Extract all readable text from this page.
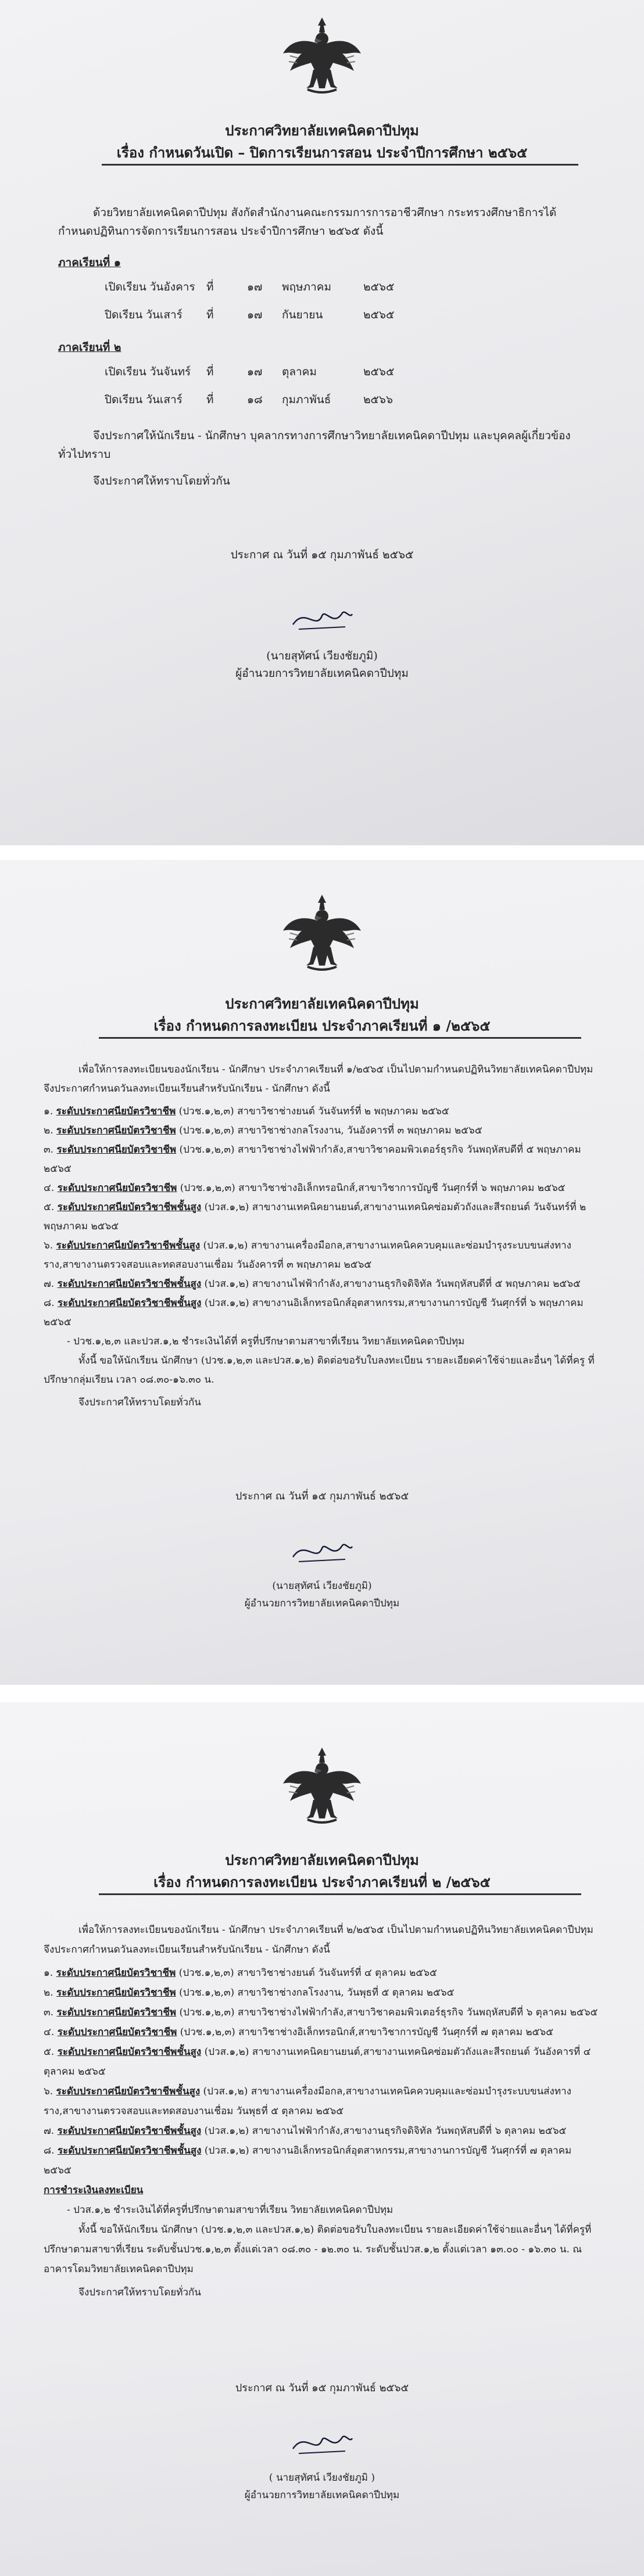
ประกาศวิทยาลัยเทคนิคดาปีปทุม
เรื่อง กำหนดวันเปิด – ปิดการเรียนการสอน ประจำปีการศึกษา ๒๕๖๕

ด้วยวิทยาลัยเทคนิคดาปีปทุม สังกัดสำนักงานคณะกรรมการการอาชีวศึกษา กระทรวงศึกษาธิการได้กำหนดปฏิทินการจัดการเรียนการสอน ประจำปีการศึกษา ๒๕๖๕ ดังนี้

ภาคเรียนที่ ๑
เปิดเรียน วันอังคาร	ที่	๑๗	พฤษภาคม	๒๕๖๕
ปิดเรียน วันเสาร์	ที่	๑๗	กันยายน	๒๕๖๕
ภาคเรียนที่ ๒
เปิดเรียน วันจันทร์	ที่	๑๗	ตุลาคม	๒๕๖๕
ปิดเรียน วันเสาร์	ที่	๑๘	กุมภาพันธ์	๒๕๖๖

จึงประกาศให้นักเรียน - นักศึกษา บุคลากรทางการศึกษาวิทยาลัยเทคนิคดาปีปทุม และบุคคลผู้เกี่ยวข้องทั่วไปทราบ

จึงประกาศให้ทราบโดยทั่วกัน

ประกาศ ณ วันที่ ๑๕ กุมภาพันธ์ ๒๕๖๕
(นายสุทัศน์ เวียงชัยภูมิ)
ผู้อำนวยการวิทยาลัยเทคนิคดาปีปทุม
ประกาศวิทยาลัยเทคนิคดาปีปทุม
เรื่อง กำหนดการลงทะเบียน ประจำภาคเรียนที่ ๑ /๒๕๖๕

เพื่อให้การลงทะเบียนของนักเรียน - นักศึกษา ประจำภาคเรียนที่ ๑/๒๕๖๕ เป็นไปตามกำหนดปฏิทินวิทยาลัยเทคนิคดาปีปทุม จึงประกาศกำหนดวันลงทะเบียนเรียนสำหรับนักเรียน - นักศึกษา ดังนี้

๑. ระดับประกาศนียบัตรวิชาชีพ (ปวช.๑,๒,๓) สาขาวิชาช่างยนต์ วันจันทร์ที่ ๒ พฤษภาคม ๒๕๖๕

๒. ระดับประกาศนียบัตรวิชาชีพ (ปวช.๑,๒,๓) สาขาวิชาช่างกลโรงงาน, วันอังคารที่ ๓ พฤษภาคม ๒๕๖๕

๓. ระดับประกาศนียบัตรวิชาชีพ (ปวช.๑,๒,๓) สาขาวิชาช่างไฟฟ้ากำลัง,สาขาวิชาคอมพิวเตอร์ธุรกิจ วันพฤหัสบดีที่ ๕ พฤษภาคม ๒๕๖๕

๔. ระดับประกาศนียบัตรวิชาชีพ (ปวช.๑,๒,๓) สาขาวิชาช่างอิเล็กทรอนิกส์,สาขาวิชาการบัญชี วันศุกร์ที่ ๖ พฤษภาคม ๒๕๖๕

๕. ระดับประกาศนียบัตรวิชาชีพชั้นสูง (ปวส.๑,๒) สาขางานเทคนิคยานยนต์,สาขางานเทคนิคซ่อมตัวถังและสีรถยนต์ วันจันทร์ที่ ๒ พฤษภาคม ๒๕๖๕

๖. ระดับประกาศนียบัตรวิชาชีพชั้นสูง (ปวส.๑,๒) สาขางานเครื่องมือกล,สาขางานเทคนิคควบคุมและซ่อมบำรุงระบบขนส่งทางราง,สาขางานตรวจสอบและทดสอบงานเชื่อม วันอังคารที่ ๓ พฤษภาคม ๒๕๖๕

๗. ระดับประกาศนียบัตรวิชาชีพชั้นสูง (ปวส.๑,๒) สาขางานไฟฟ้ากำลัง,สาขางานธุรกิจดิจิทัล วันพฤหัสบดีที่ ๕ พฤษภาคม ๒๕๖๕

๘. ระดับประกาศนียบัตรวิชาชีพชั้นสูง (ปวส.๑,๒) สาขางานอิเล็กทรอนิกส์อุตสาหกรรม,สาขางานการบัญชี วันศุกร์ที่ ๖ พฤษภาคม ๒๕๖๕

- ปวช.๑,๒,๓ และปวส.๑,๒ ชำระเงินได้ที่ ครูที่ปรึกษาตามสาขาที่เรียน วิทยาลัยเทคนิคดาปีปทุม

ทั้งนี้ ขอให้นักเรียน นักศึกษา (ปวช.๑,๒,๓ และปวส.๑,๒) ติดต่อขอรับใบลงทะเบียน รายละเอียดค่าใช้จ่ายและอื่นๆ ได้ที่ครู ที่ปรึกษากลุ่มเรียน เวลา ๐๘.๓๐-๑๖.๓๐ น.

จึงประกาศให้ทราบโดยทั่วกัน

ประกาศ ณ วันที่ ๑๕ กุมภาพันธ์ ๒๕๖๕
(นายสุทัศน์ เวียงชัยภูมิ)
ผู้อำนวยการวิทยาลัยเทคนิคดาปีปทุม
ประกาศวิทยาลัยเทคนิคดาปีปทุม
เรื่อง กำหนดการลงทะเบียน ประจำภาคเรียนที่ ๒ /๒๕๖๕

เพื่อให้การลงทะเบียนของนักเรียน - นักศึกษา ประจำภาคเรียนที่ ๒/๒๕๖๕ เป็นไปตามกำหนดปฏิทินวิทยาลัยเทคนิคดาปีปทุม จึงประกาศกำหนดวันลงทะเบียนเรียนสำหรับนักเรียน - นักศึกษา ดังนี้

๑. ระดับประกาศนียบัตรวิชาชีพ (ปวช.๑,๒,๓) สาขาวิชาช่างยนต์ วันจันทร์ที่ ๔ ตุลาคม ๒๕๖๕

๒. ระดับประกาศนียบัตรวิชาชีพ (ปวช.๑,๒,๓) สาขาวิชาช่างกลโรงงาน, วันพุธที่ ๕ ตุลาคม ๒๕๖๕

๓. ระดับประกาศนียบัตรวิชาชีพ (ปวช.๑,๒,๓) สาขาวิชาช่างไฟฟ้ากำลัง,สาขาวิชาคอมพิวเตอร์ธุรกิจ วันพฤหัสบดีที่ ๖ ตุลาคม ๒๕๖๕

๔. ระดับประกาศนียบัตรวิชาชีพ (ปวช.๑,๒,๓) สาขาวิชาช่างอิเล็กทรอนิกส์,สาขาวิชาการบัญชี วันศุกร์ที่ ๗ ตุลาคม ๒๕๖๕

๕. ระดับประกาศนียบัตรวิชาชีพชั้นสูง (ปวส.๑,๒) สาขางานเทคนิคยานยนต์,สาขางานเทคนิคซ่อมตัวถังและสีรถยนต์ วันอังคารที่ ๔ ตุลาคม ๒๕๖๕

๖. ระดับประกาศนียบัตรวิชาชีพชั้นสูง (ปวส.๑,๒) สาขางานเครื่องมือกล,สาขางานเทคนิคควบคุมและซ่อมบำรุงระบบขนส่งทางราง,สาขางานตรวจสอบและทดสอบงานเชื่อม วันพุธที่ ๕ ตุลาคม ๒๕๖๕

๗. ระดับประกาศนียบัตรวิชาชีพชั้นสูง (ปวส.๑,๒) สาขางานไฟฟ้ากำลัง,สาขางานธุรกิจดิจิทัล วันพฤหัสบดีที่ ๖ ตุลาคม ๒๕๖๕

๘. ระดับประกาศนียบัตรวิชาชีพชั้นสูง (ปวส.๑,๒) สาขางานอิเล็กทรอนิกส์อุตสาหกรรม,สาขางานการบัญชี วันศุกร์ที่ ๗ ตุลาคม ๒๕๖๕

การชำระเงินลงทะเบียน

- ปวส.๑,๒ ชำระเงินได้ที่ครูที่ปรึกษาตามสาขาที่เรียน วิทยาลัยเทคนิคดาปีปทุม

ทั้งนี้ ขอให้นักเรียน นักศึกษา (ปวช.๑,๒,๓ และปวส.๑,๒) ติดต่อขอรับใบลงทะเบียน รายละเอียดค่าใช้จ่ายและอื่นๆ ได้ที่ครูที่ปรึกษาตามสาขาที่เรียน ระดับชั้นปวช.๑,๒,๓ ตั้งแต่เวลา ๐๘.๓๐ - ๑๒.๓๐ น. ระดับชั้นปวส.๑,๒ ตั้งแต่เวลา ๑๓.๐๐ - ๑๖.๓๐ น. ณ อาคารโดมวิทยาลัยเทคนิคดาปีปทุม

จึงประกาศให้ทราบโดยทั่วกัน

ประกาศ ณ วันที่ ๑๕ กุมภาพันธ์ ๒๕๖๕
( นายสุทัศน์ เวียงชัยภูมิ )
ผู้อำนวยการวิทยาลัยเทคนิคดาปีปทุม
